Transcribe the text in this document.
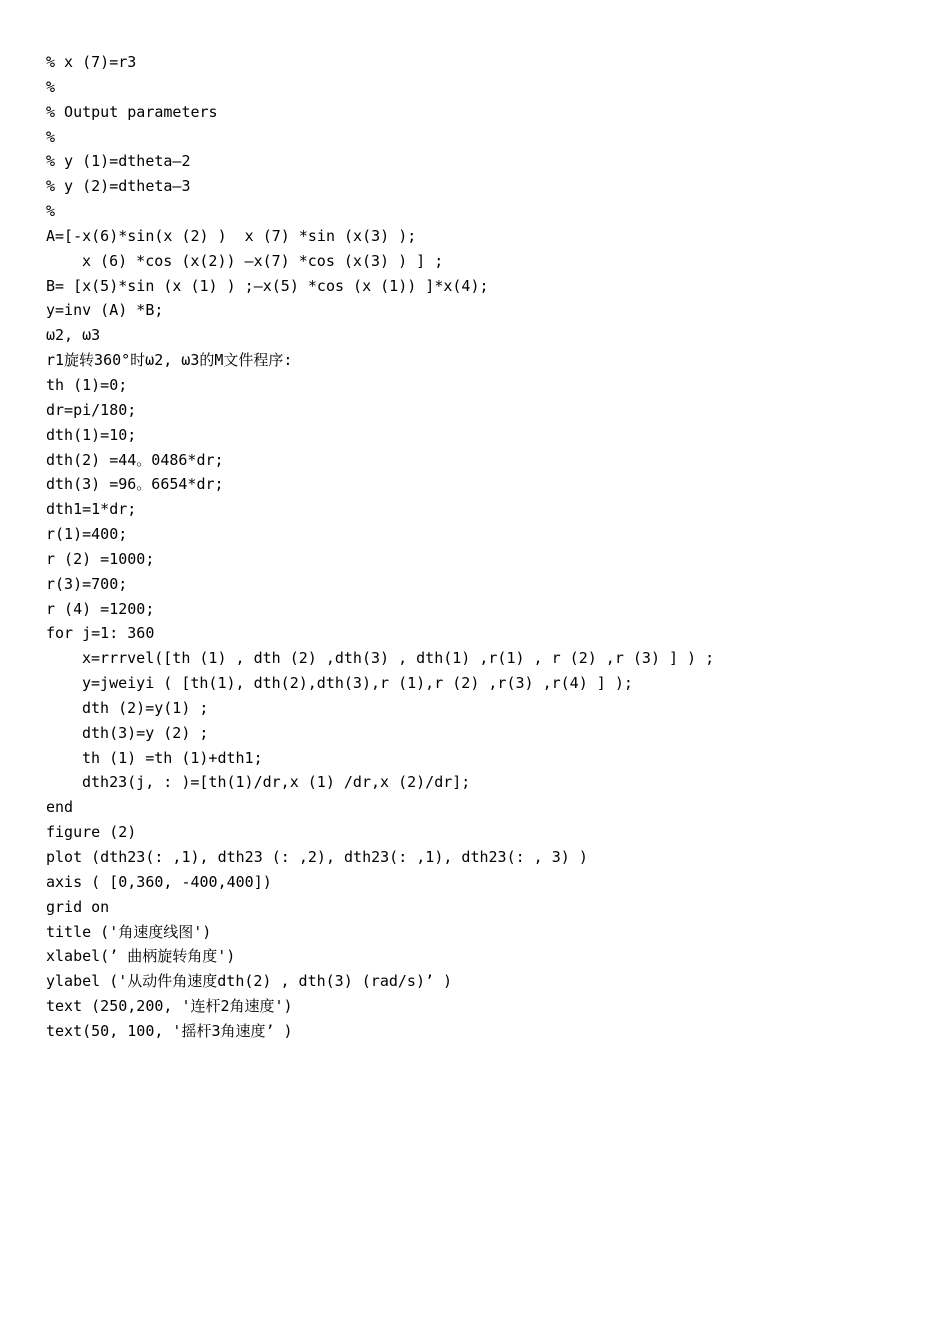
% x (7)=r3
%
% Output parameters
%
% y (1)=dtheta—2
% y (2)=dtheta—3
%
A=[-x(6)*sin(x (2) )  x (7) *sin (x(3) );
x (6) *cos (x(2)) —x(7) *cos (x(3) ) ] ;
B= [x(5)*sin (x (1) ) ;—x(5) *cos (x (1)) ]*x(4);
y=inv (A) *B;
ω2, ω3
r1旋转360°时ω2, ω3的M文件程序:
th (1)=0;
dr=pi/180;
dth(1)=10;
dth(2) =44。0486*dr;
dth(3) =96。6654*dr;
dth1=1*dr;
r(1)=400;
r (2) =1000;
r(3)=700;
r (4) =1200;
for j=1: 360
x=rrrvel([th (1) , dth (2) ,dth(3) , dth(1) ,r(1) , r (2) ,r (3) ] ) ;
y=jweiyi ( [th(1), dth(2),dth(3),r (1),r (2) ,r(3) ,r(4) ] );
dth (2)=y(1) ;
dth(3)=y (2) ;
th (1) =th (1)+dth1;
dth23(j, : )=[th(1)/dr,x (1) /dr,x (2)/dr];
end
figure (2)
plot (dth23(: ,1), dth23 (: ,2), dth23(: ,1), dth23(: , 3) )
axis ( [0,360, -400,400])
grid on
title ('角速度线图')
xlabel(’ 曲柄旋转角度')
ylabel ('从动件角速度dth(2) , dth(3) (rad/s)’ )
text (250,200, '连杆2角速度')
text(50, 100, '摇杆3角速度’ )
